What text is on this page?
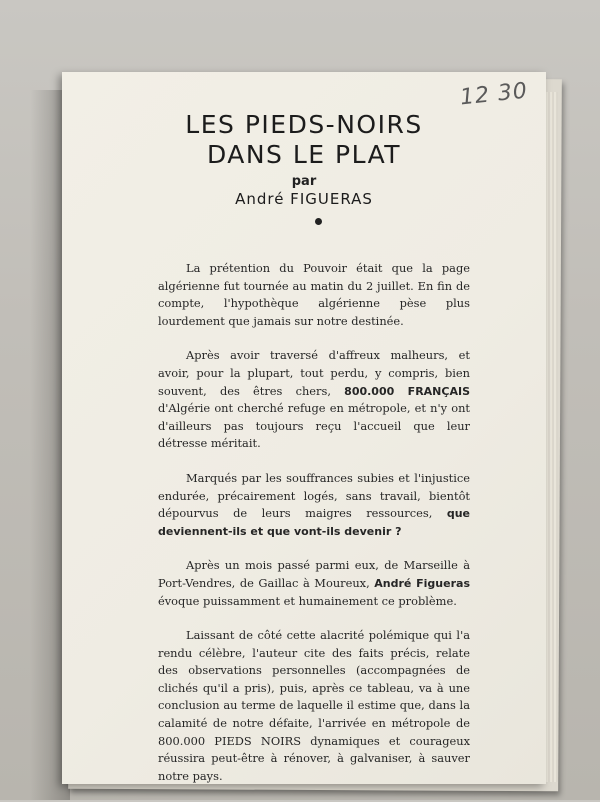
12 30
LES PIEDS-NOIRS
DANS LE PLAT
par
André FIGUERAS

La prétention du Pouvoir était que la page algérienne fut tournée au matin du 2 juillet. En fin de compte, l'hypothèque algérienne pèse plus lourdement que jamais sur notre destinée.

Après avoir traversé d'affreux malheurs, et avoir, pour la plupart, tout perdu, y compris, bien souvent, des êtres chers, 800.000 FRANÇAIS d'Algérie ont cherché refuge en métropole, et n'y ont d'ailleurs pas toujours reçu l'accueil que leur détresse méritait.

Marqués par les souffrances subies et l'injustice endurée, précairement logés, sans travail, bientôt dépourvus de leurs maigres ressources, que deviennent-ils et que vont-ils devenir ?

Après un mois passé parmi eux, de Marseille à Port-Vendres, de Gaillac à Moureux, André Figueras évoque puissamment et humainement ce problème.

Laissant de côté cette alacrité polémique qui l'a rendu célèbre, l'auteur cite des faits précis, relate des observations personnelles (accompagnées de clichés qu'il a pris), puis, après ce tableau, va à une conclusion au terme de laquelle il estime que, dans la calamité de notre défaite, l'arrivée en métropole de 800.000 PIEDS NOIRS dynamiques et courageux réussira peut-être à rénover, à galvaniser, à sauver notre pays.
